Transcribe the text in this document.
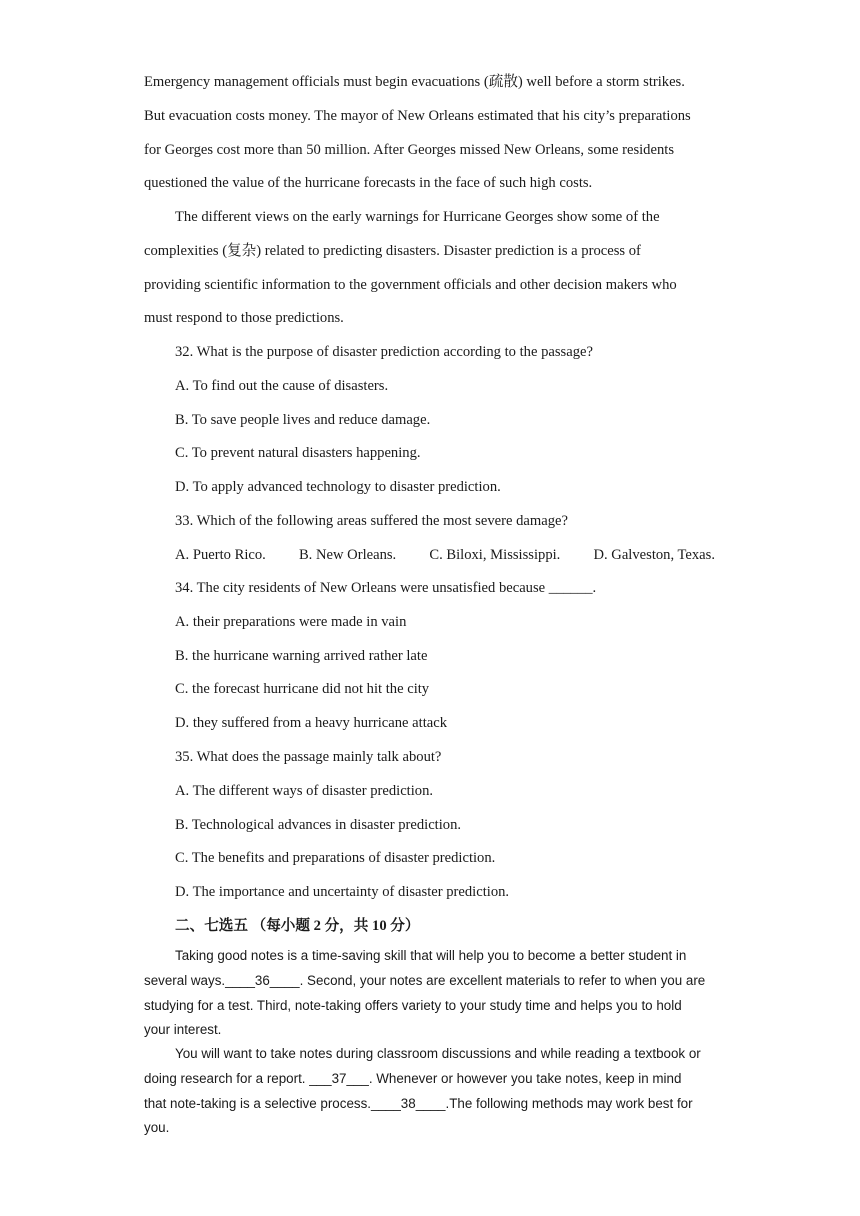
Emergency management officials must begin evacuations (疏散) well before a storm strikes.
But evacuation costs money. The mayor of New Orleans estimated that his city’s preparations
for Georges cost more than 50 million. After Georges missed New Orleans, some residents
questioned the value of the hurricane forecasts in the face of such high costs.
The different views on the early warnings for Hurricane Georges show some of the
complexities (复杂) related to predicting disasters. Disaster prediction is a process of
providing scientific information to the government officials and other decision makers who
must respond to those predictions.
32. What is the purpose of disaster prediction according to the passage?
A. To find out the cause of disasters.
B. To save people lives and reduce damage.
C. To prevent natural disasters happening.
D. To apply advanced technology to disaster prediction.
33. Which of the following areas suffered the most severe damage?
A. Puerto Rico. B. New Orleans. C. Biloxi, Mississippi. D. Galveston, Texas.
34. The city residents of New Orleans were unsatisfied because ______.
A. their preparations were made in vain
B. the hurricane warning arrived rather late
C. the forecast hurricane did not hit the city
D. they suffered from a heavy hurricane attack
35. What does the passage mainly talk about?
A. The different ways of disaster prediction.
B. Technological advances in disaster prediction.
C. The benefits and preparations of disaster prediction.
D. The importance and uncertainty of disaster prediction.
二、七选五 （每小题 2 分，共 10 分）
Taking good notes is a time-saving skill that will help you to become a better student in
several ways.____36____. Second, your notes are excellent materials to refer to when you are
studying for a test. Third, note-taking offers variety to your study time and helps you to hold
your interest.
You will want to take notes during classroom discussions and while reading a textbook or
doing research for a report. ___37___. Whenever or however you take notes, keep in mind
that note-taking is a selective process.____38____.The following methods may work best for
you.
